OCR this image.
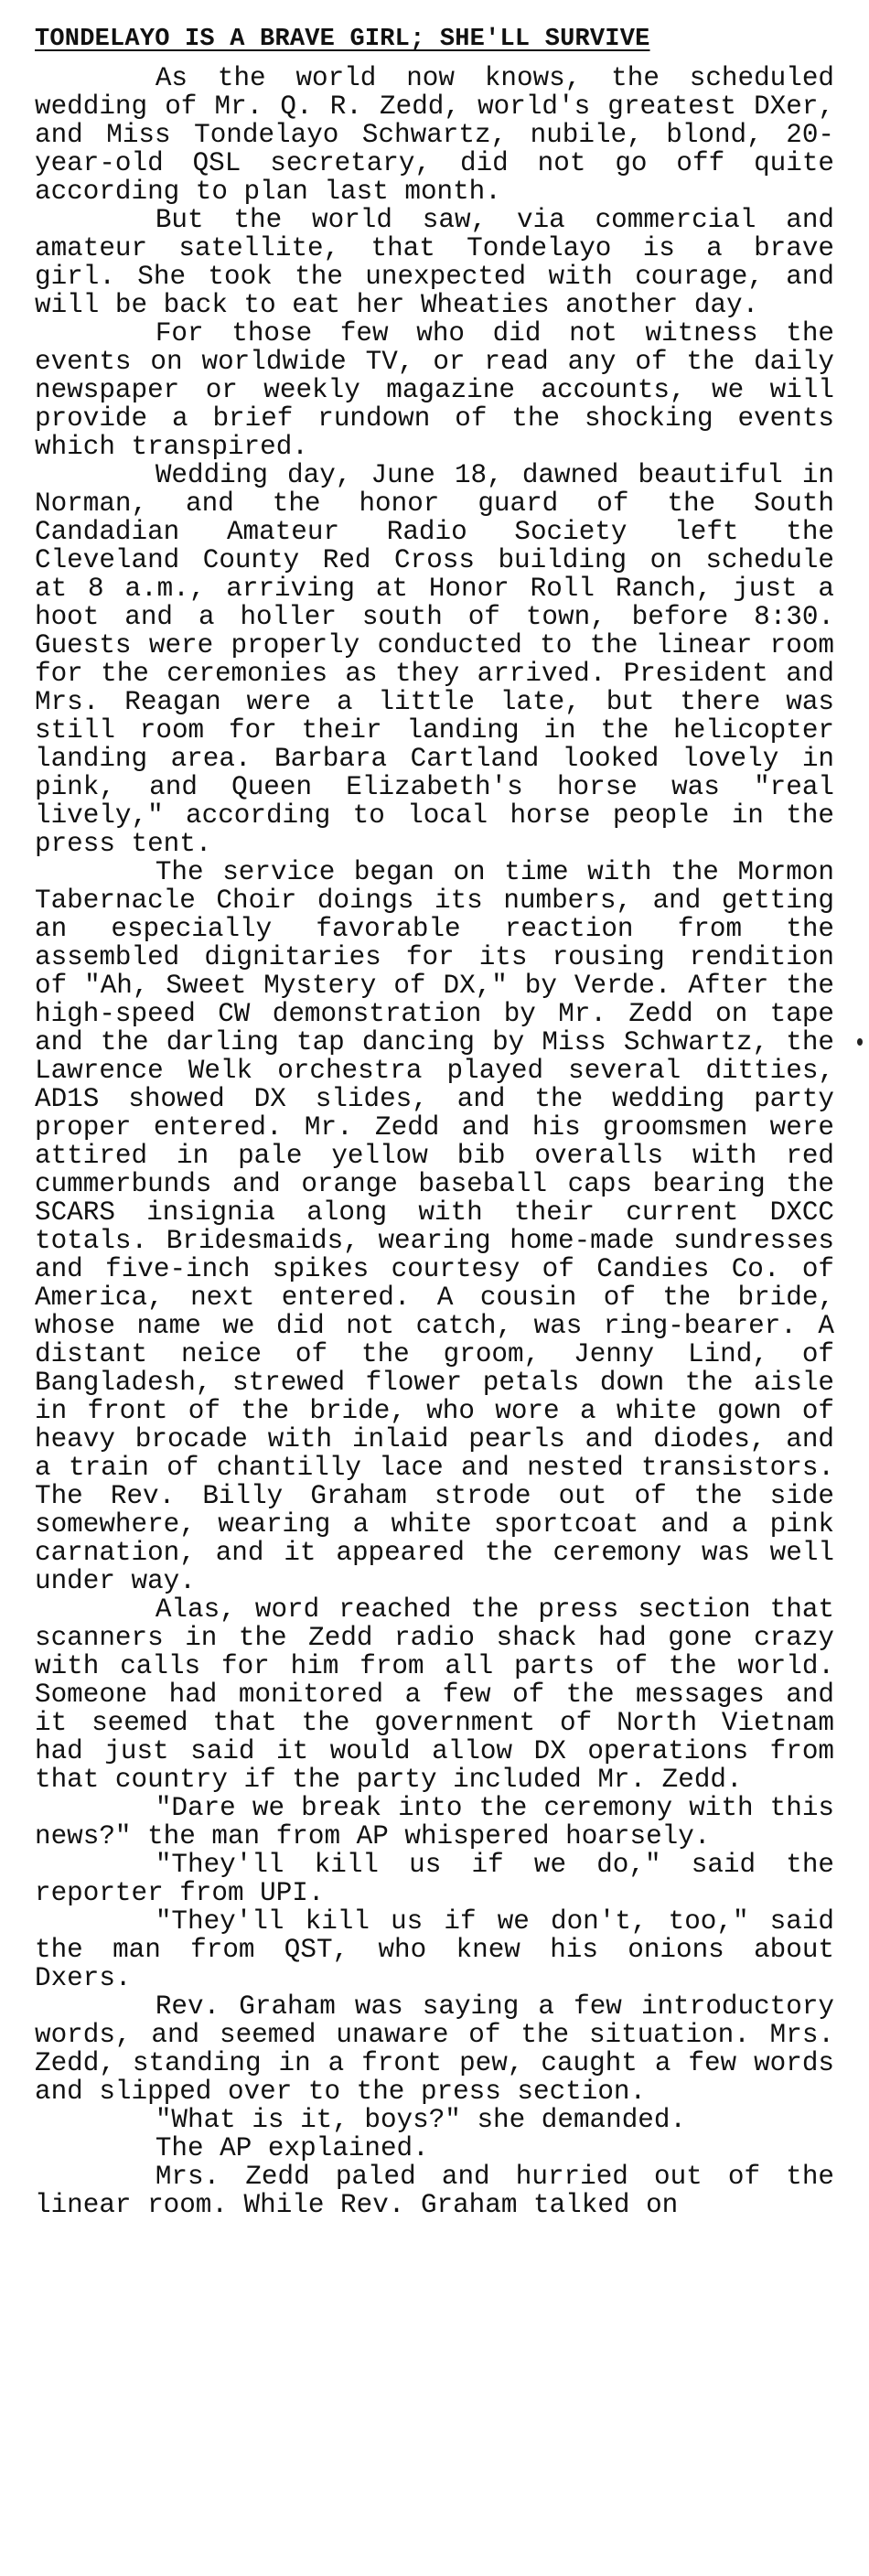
TONDELAYO IS A BRAVE GIRL; SHE'LL SURVIVE

As the world now knows, the scheduled wedding of Mr. Q. R. Zedd, world's greatest DXer, and Miss Tondelayo Schwartz, nubile, blond, 20-year-old QSL secretary, did not go off quite according to plan last month.

But the world saw, via commercial and amateur satellite, that Tondelayo is a brave girl. She took the unexpected with courage, and will be back to eat her Wheaties another day.

For those few who did not witness the events on worldwide TV, or read any of the daily newspaper or weekly magazine accounts, we will provide a brief rundown of the shocking events which transpired.

Wedding day, June 18, dawned beautiful in Norman, and the honor guard of the South Candadian Amateur Radio Society left the Cleveland County Red Cross building on schedule at 8 a.m., arriving at Honor Roll Ranch, just a hoot and a holler south of town, before 8:30. Guests were properly conducted to the linear room for the ceremonies as they arrived. President and Mrs. Reagan were a little late, but there was still room for their landing in the helicopter landing area. Barbara Cartland looked lovely in pink, and Queen Elizabeth's horse was "real lively," according to local horse people in the press tent.

The service began on time with the Mormon Tabernacle Choir doings its numbers, and getting an especially favorable reaction from the assembled dignitaries for its rousing rendition of "Ah, Sweet Mystery of DX," by Verde. After the high-speed CW demonstration by Mr. Zedd on tape and the darling tap dancing by Miss Schwartz, the Lawrence Welk orchestra played several ditties, AD1S showed DX slides, and the wedding party proper entered. Mr. Zedd and his groomsmen were attired in pale yellow bib overalls with red cummerbunds and orange baseball caps bearing the SCARS insignia along with their current DXCC totals. Bridesmaids, wearing home-made sundresses and five-inch spikes courtesy of Candies Co. of America, next entered. A cousin of the bride, whose name we did not catch, was ring-bearer. A distant neice of the groom, Jenny Lind, of Bangladesh, strewed flower petals down the aisle in front of the bride, who wore a white gown of heavy brocade with inlaid pearls and diodes, and a train of chantilly lace and nested transistors. The Rev. Billy Graham strode out of the side somewhere, wearing a white sportcoat and a pink carnation, and it appeared the ceremony was well under way.

Alas, word reached the press section that scanners in the Zedd radio shack had gone crazy with calls for him from all parts of the world. Someone had monitored a few of the messages and it seemed that the government of North Vietnam had just said it would allow DX operations from that country if the party included Mr. Zedd.

"Dare we break into the ceremony with this news?" the man from AP whispered hoarsely.

"They'll kill us if we do," said the reporter from UPI.

"They'll kill us if we don't, too," said the man from QST, who knew his onions about Dxers.

Rev. Graham was saying a few introductory words, and seemed unaware of the situation. Mrs. Zedd, standing in a front pew, caught a few words and slipped over to the press section.

"What is it, boys?" she demanded.

The AP explained.

Mrs. Zedd paled and hurried out of the linear room. While Rev. Graham talked on
